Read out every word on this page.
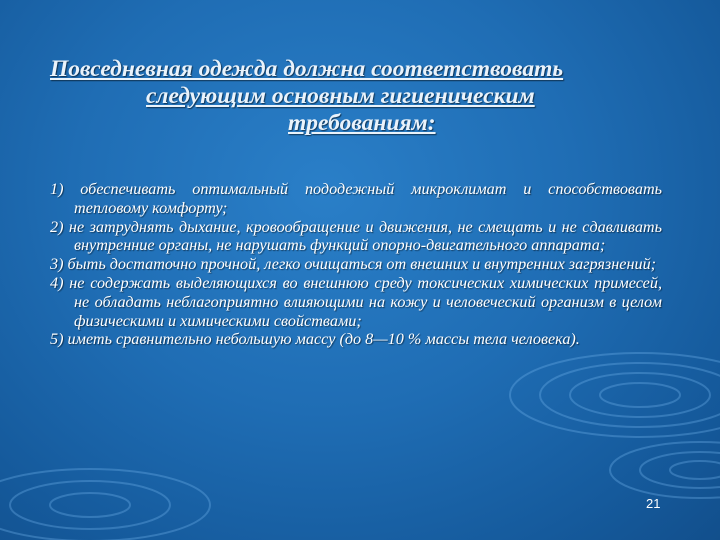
Повседневная одежда должна соответствовать
следующим основным гигиеническим
требованиям:

1) обеспечивать оптимальный пододежный микроклимат и способствовать тепловому комфорту;

2) не затруднять дыхание, кровообращение и движения, не смещать и не сдавливать внутренние органы, не нарушать функций опорно-двигательного аппарата;

3) быть достаточно прочной, легко очищаться от внешних и внутренних загрязнений;

4) не содержать выделяющихся во внешнюю среду токсических химических примесей, не обладать неблагоприятно влияющими на кожу и человеческий организм в целом физическими и химическими свойствами;

5) иметь сравнительно небольшую массу (до 8—10 % массы тела человека).

21
